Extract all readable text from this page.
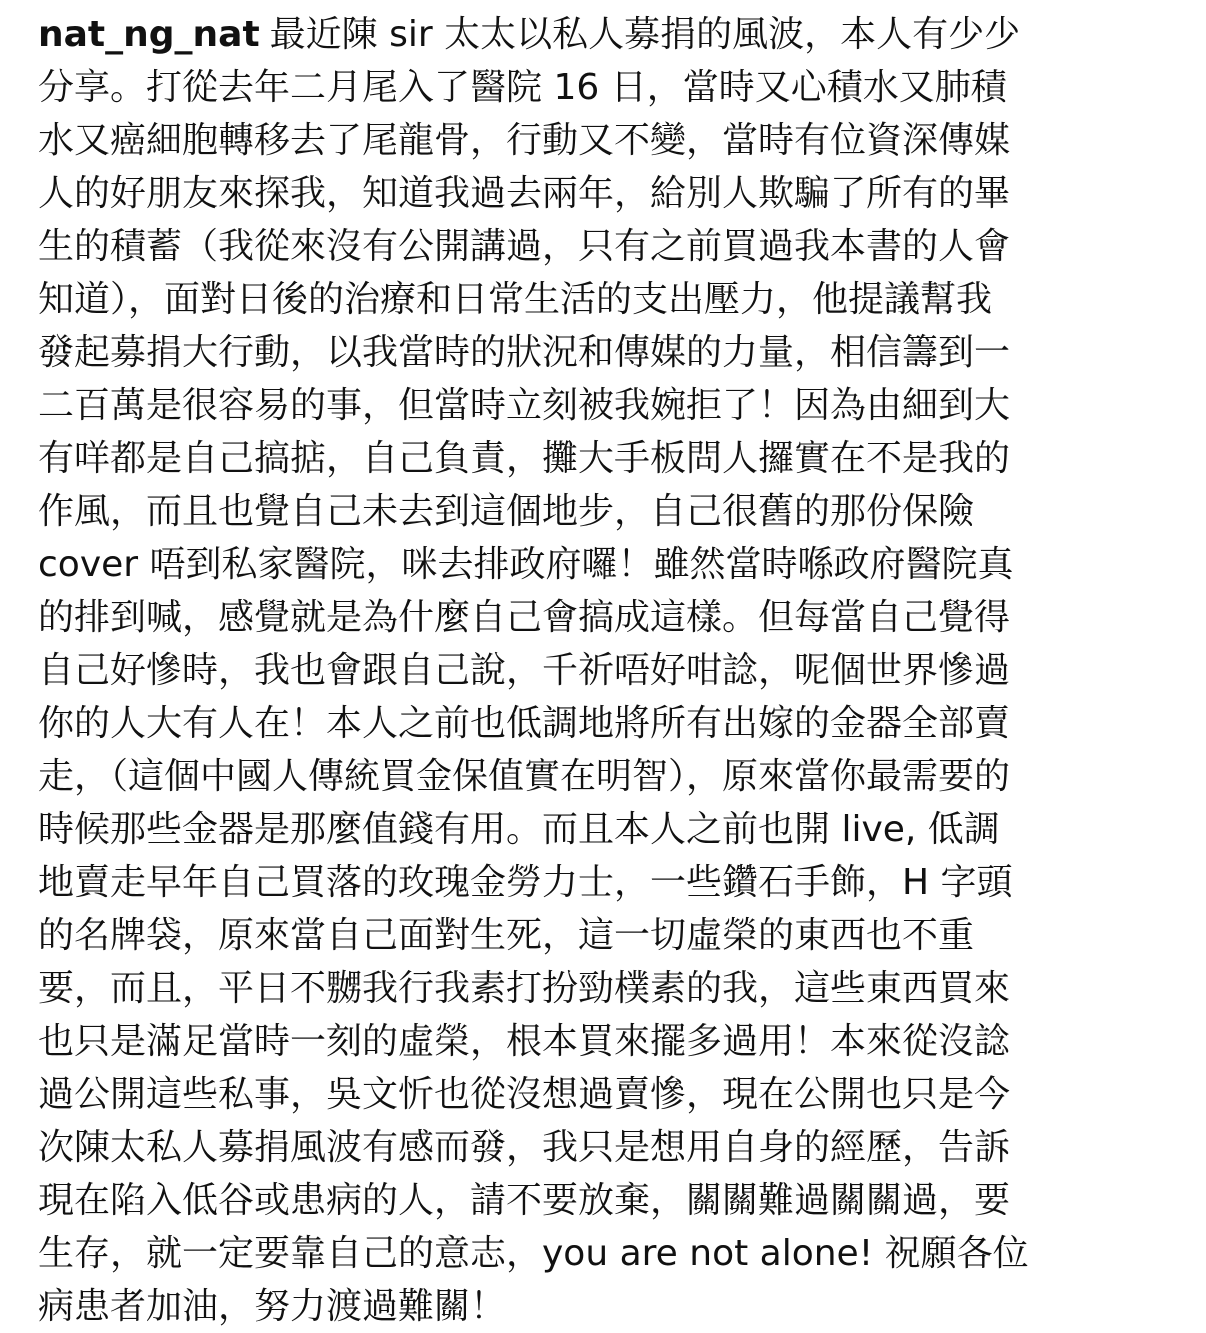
nat_ng_nat 最近陳 sir 太太以私人募捐的風波，本人有少少
分享。打從去年二月尾入了醫院 16 日，當時又心積水又肺積
水又癌細胞轉移去了尾龍骨，行動又不變，當時有位資深傳媒
人的好朋友來探我，知道我過去兩年，給別人欺騙了所有的畢
生的積蓄（我從來沒有公開講過，只有之前買過我本書的人會
知道），面對日後的治療和日常生活的支出壓力，他提議幫我
發起募捐大行動，以我當時的狀況和傳媒的力量，相信籌到一
二百萬是很容易的事，但當時立刻被我婉拒了！因為由細到大
有咩都是自己搞掂，自己負責，攤大手板問人攞實在不是我的
作風，而且也覺自己未去到這個地步，自己很舊的那份保險
cover 唔到私家醫院，咪去排政府囉！雖然當時喺政府醫院真
的排到喊，感覺就是為什麼自己會搞成這樣。但每當自己覺得
自己好慘時，我也會跟自己說，千祈唔好咁諗，呢個世界慘過
你的人大有人在！本人之前也低調地將所有出嫁的金器全部賣
走，（這個中國人傳統買金保值實在明智），原來當你最需要的
時候那些金器是那麼值錢有用。而且本人之前也開 live, 低調
地賣走早年自己買落的玫瑰金勞力士，一些鑽石手飾，H 字頭
的名牌袋，原來當自己面對生死，這一切虛榮的東西也不重
要，而且，平日不嬲我行我素打扮勁樸素的我，這些東西買來
也只是滿足當時一刻的虛榮，根本買來擺多過用！本來從沒諗
過公開這些私事，吳文忻也從沒想過賣慘，現在公開也只是今
次陳太私人募捐風波有感而發，我只是想用自身的經歷，告訴
現在陷入低谷或患病的人，請不要放棄，關關難過關關過，要
生存，就一定要靠自己的意志，you are not alone! 祝願各位
病患者加油，努力渡過難關！
